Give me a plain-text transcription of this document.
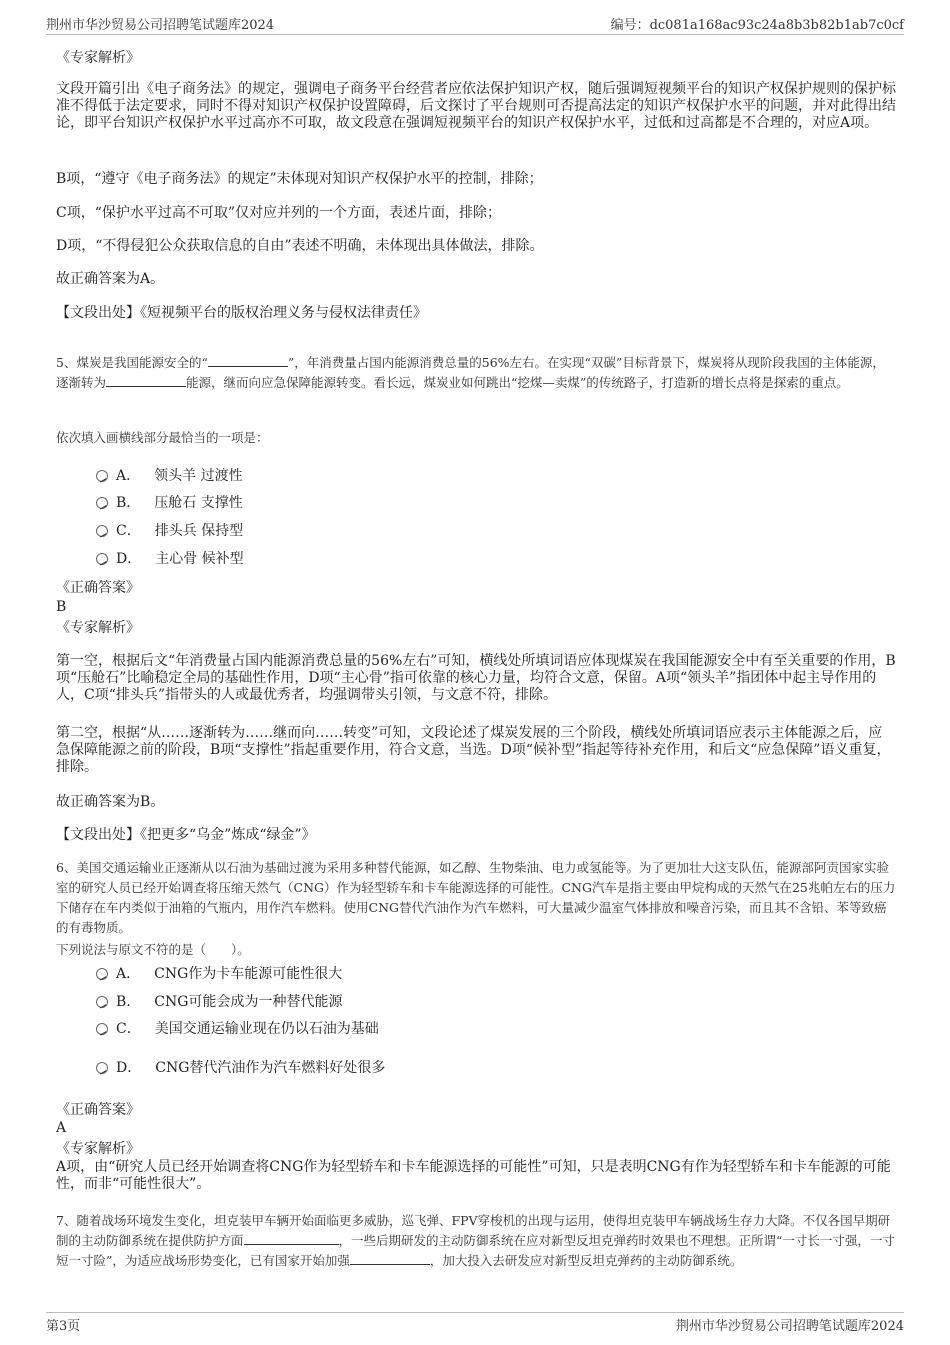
荆州市华沙贸易公司招聘笔试题库2024	编号：dc081a168ac93c24a8b3b82b1ab7c0cf
《专家解析》
文段开篇引出《电子商务法》的规定，强调电子商务平台经营者应依法保护知识产权，随后强调短视频平台的知识产权保护规则的保护标准不得低于法定要求，同时不得对知识产权保护设置障碍，后文探讨了平台规则可否提高法定的知识产权保护水平的问题，并对此得出结论，即平台知识产权保护水平过高亦不可取，故文段意在强调短视频平台的知识产权保护水平，过低和过高都是不合理的，对应A项。
B项，“遵守《电子商务法》的规定”未体现对知识产权保护水平的控制，排除；
C项，“保护水平过高不可取”仅对应并列的一个方面，表述片面，排除；
D项，“不得侵犯公众获取信息的自由”表述不明确，未体现出具体做法，排除。
故正确答案为A。
【文段出处】《短视频平台的版权治理义务与侵权法律责任》
5、煤炭是我国能源安全的“	”，年消费量占国内能源消费总量的56%左右。在实现“双碳”目标背景下，煤炭将从现阶段我国的主体能源，逐渐转为	能源，继而向应急保障能源转变。看长远，煤炭业如何跳出“挖煤—卖煤”的传统路子，打造新的增长点将是探索的重点。
依次填入画横线部分最恰当的一项是：
A． 领头羊 过渡性
B． 压舱石 支撑性
C． 排头兵 保持型
D． 主心骨 候补型
《正确答案》
B
《专家解析》
第一空，根据后文“年消费量占国内能源消费总量的56%左右”可知，横线处所填词语应体现煤炭在我国能源安全中有至关重要的作用，B项“压舱石”比喻稳定全局的基础性作用，D项“主心骨”指可依靠的核心力量，均符合文意，保留。A项“领头羊”指团体中起主导作用的人，C项“排头兵”指带头的人或最优秀者，均强调带头引领，与文意不符，排除。
第二空，根据“从……逐渐转为……继而向……转变”可知，文段论述了煤炭发展的三个阶段，横线处所填词语应表示主体能源之后，应急保障能源之前的阶段，B项“支撑性”指起重要作用，符合文意，当选。D项“候补型”指起等待补充作用，和后文“应急保障”语义重复，排除。
故正确答案为B。
【文段出处】《把更多“乌金”炼成“绿金”》
6、美国交通运输业正逐渐从以石油为基础过渡为采用多种替代能源，如乙醇、生物柴油、电力或氢能等。为了更加壮大这支队伍，能源部阿贡国家实验室的研究人员已经开始调查将压缩天然气（CNG）作为轻型轿车和卡车能源选择的可能性。CNG汽车是指主要由甲烷构成的天然气在25兆帕左右的压力下储存在车内类似于油箱的气瓶内，用作汽车燃料。使用CNG替代汽油作为汽车燃料，可大量减少温室气体排放和噪音污染，而且其不含铅、苯等致癌的有毒物质。
下列说法与原文不符的是（　　）。
A． CNG作为卡车能源可能性很大
B． CNG可能会成为一种替代能源
C． 美国交通运输业现在仍以石油为基础
D． CNG替代汽油作为汽车燃料好处很多
《正确答案》
A
《专家解析》
A项，由“研究人员已经开始调查将CNG作为轻型轿车和卡车能源选择的可能性”可知，只是表明CNG有作为轻型轿车和卡车能源的可能性，而非“可能性很大”。
7、随着战场环境发生变化，坦克装甲车辆开始面临更多威胁，巡飞弹、FPV穿梭机的出现与运用，使得坦克装甲车辆战场生存力大降。不仅各国早期研制的主动防御系统在提供防护方面	，一些后期研发的主动防御系统在应对新型反坦克弹药时效果也不理想。正所谓“一寸长一寸强，一寸短一寸险”，为适应战场形势变化，已有国家开始加强	，加大投入去研发应对新型反坦克弹药的主动防御系统。
第3页	荆州市华沙贸易公司招聘笔试题库2024
